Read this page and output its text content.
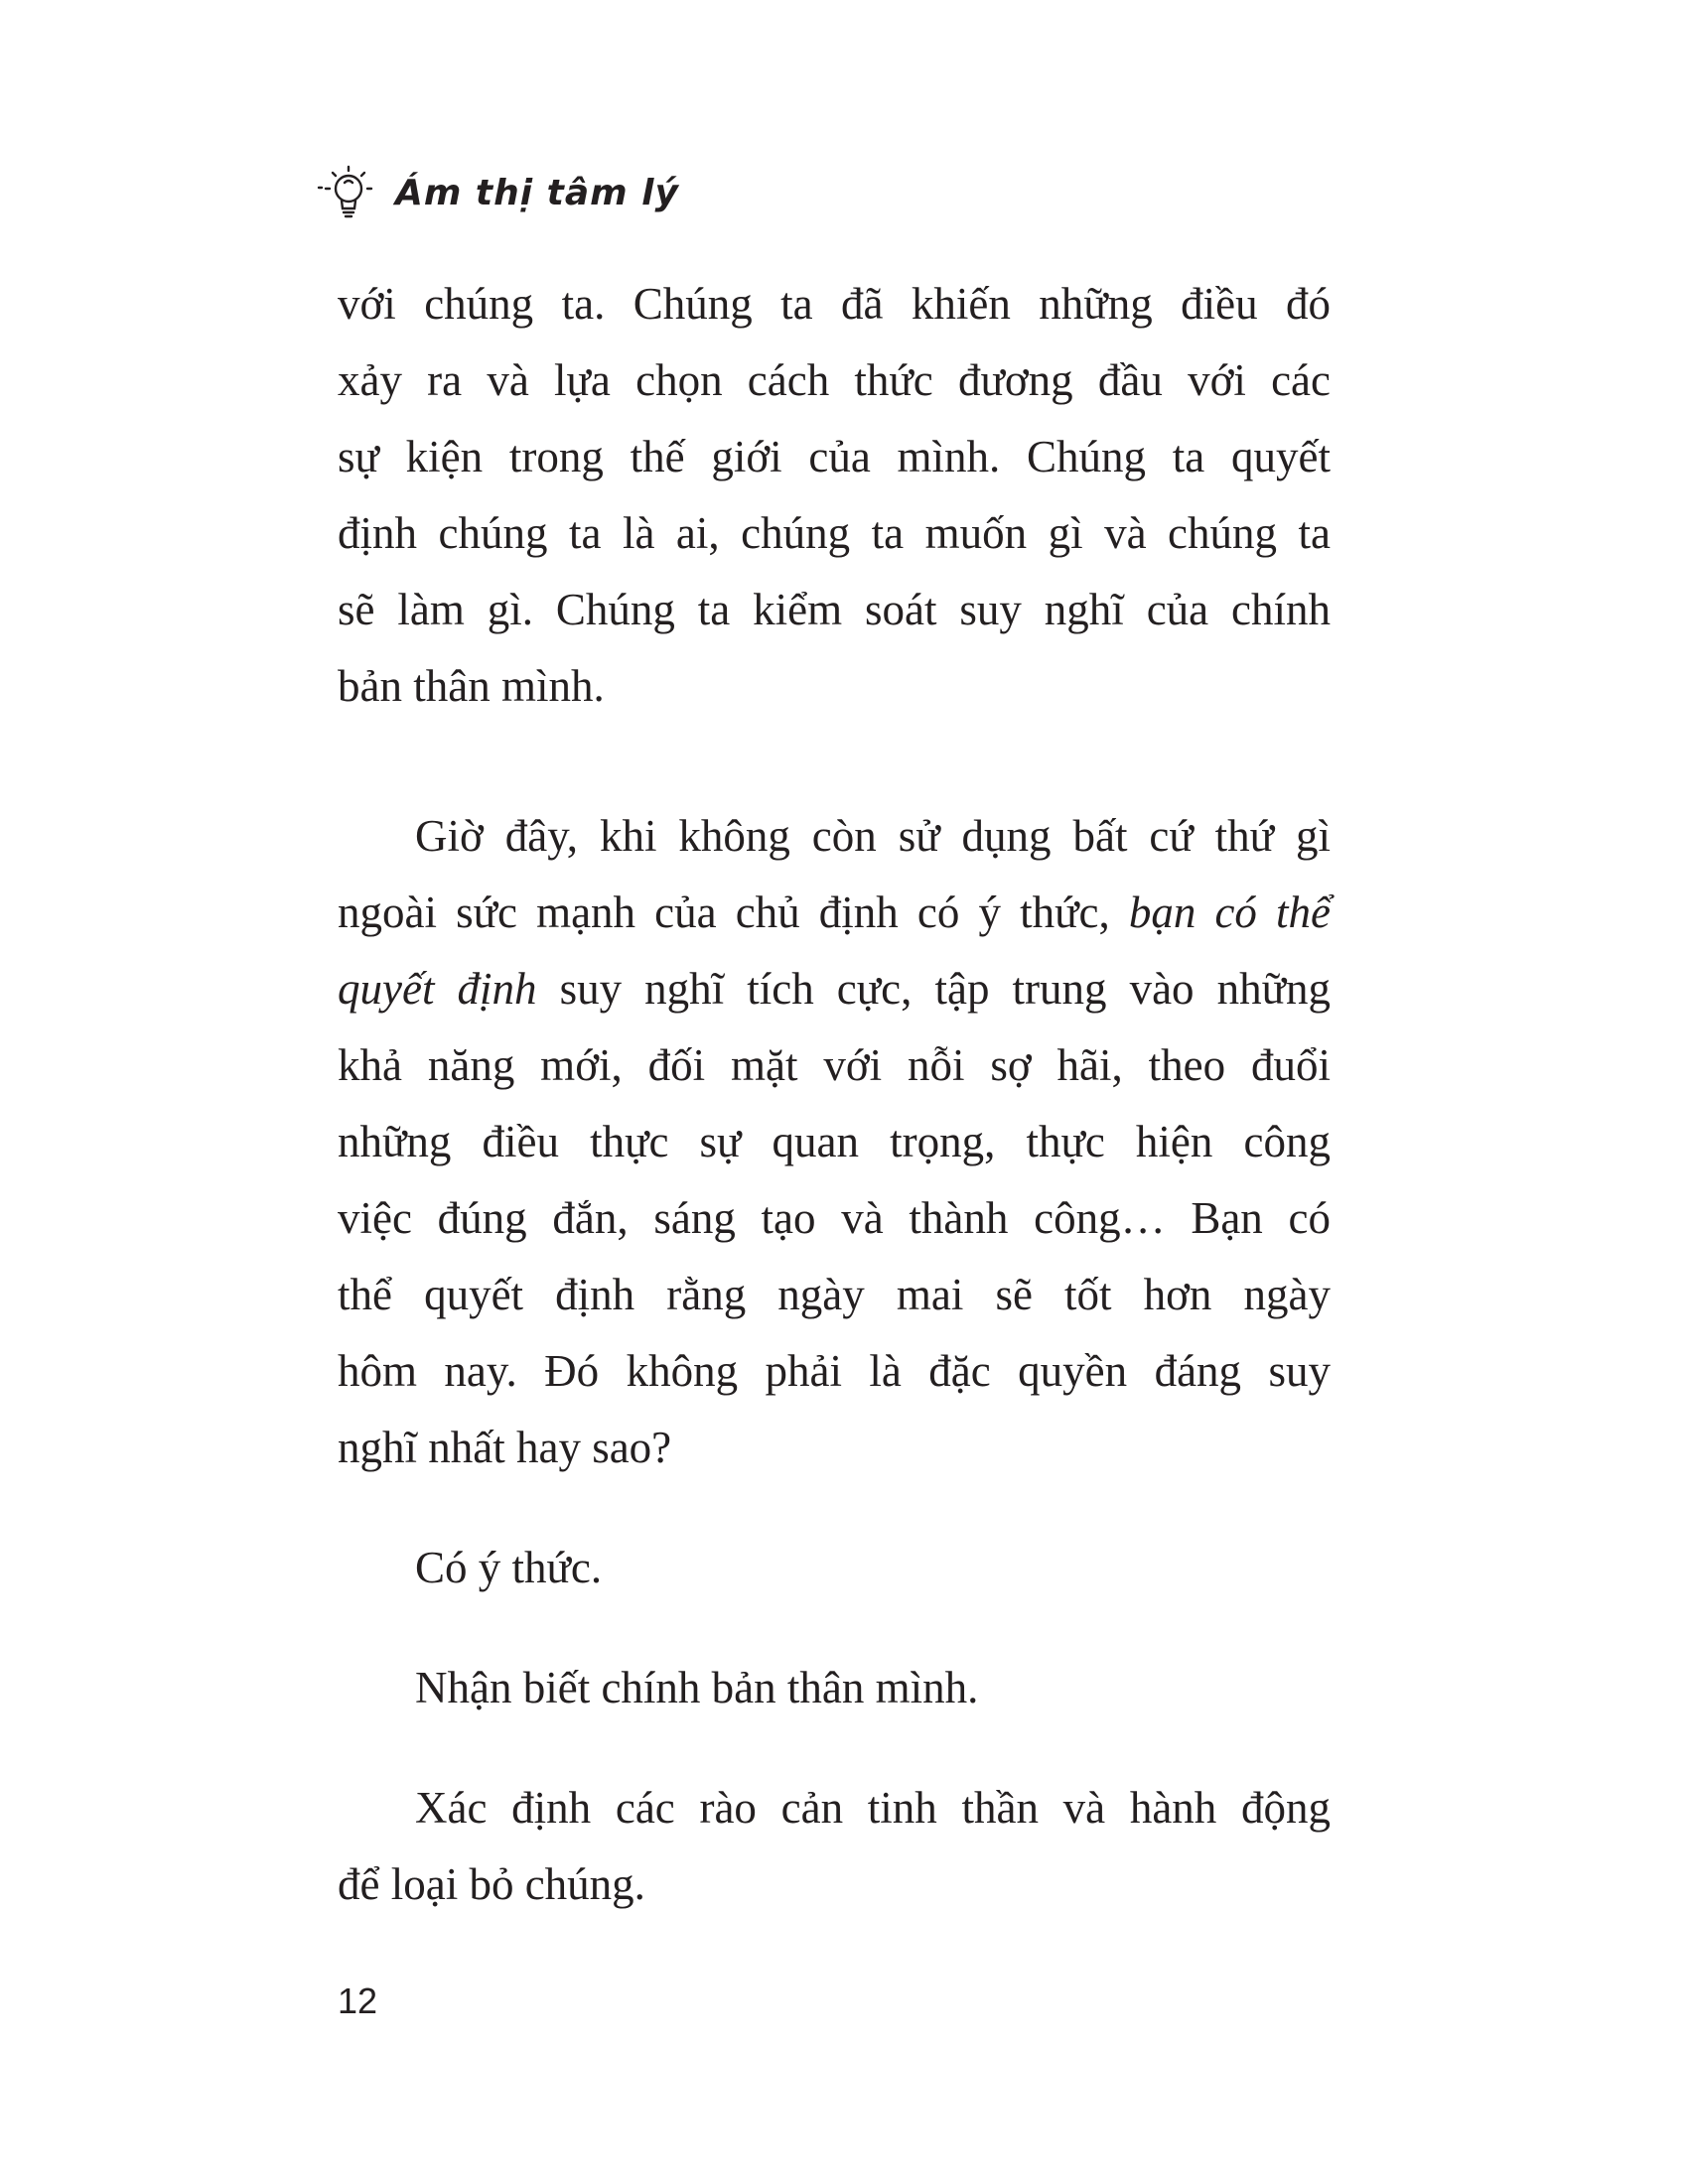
Ám thị tâm lý
với chúng ta. Chúng ta đã khiến những điều đó
xảy ra và lựa chọn cách thức đương đầu với các
sự kiện trong thế giới của mình. Chúng ta quyết
định chúng ta là ai, chúng ta muốn gì và chúng ta
sẽ làm gì. Chúng ta kiểm soát suy nghĩ của chính
bản thân mình.
Giờ đây, khi không còn sử dụng bất cứ thứ gì
ngoài sức mạnh của chủ định có ý thức, bạn có thể
quyết định suy nghĩ tích cực, tập trung vào những
khả năng mới, đối mặt với nỗi sợ hãi, theo đuổi
những điều thực sự quan trọng, thực hiện công
việc đúng đắn, sáng tạo và thành công… Bạn có
thể quyết định rằng ngày mai sẽ tốt hơn ngày
hôm nay. Đó không phải là đặc quyền đáng suy
nghĩ nhất hay sao?
Có ý thức.
Nhận biết chính bản thân mình.
Xác định các rào cản tinh thần và hành động
để loại bỏ chúng.
12
